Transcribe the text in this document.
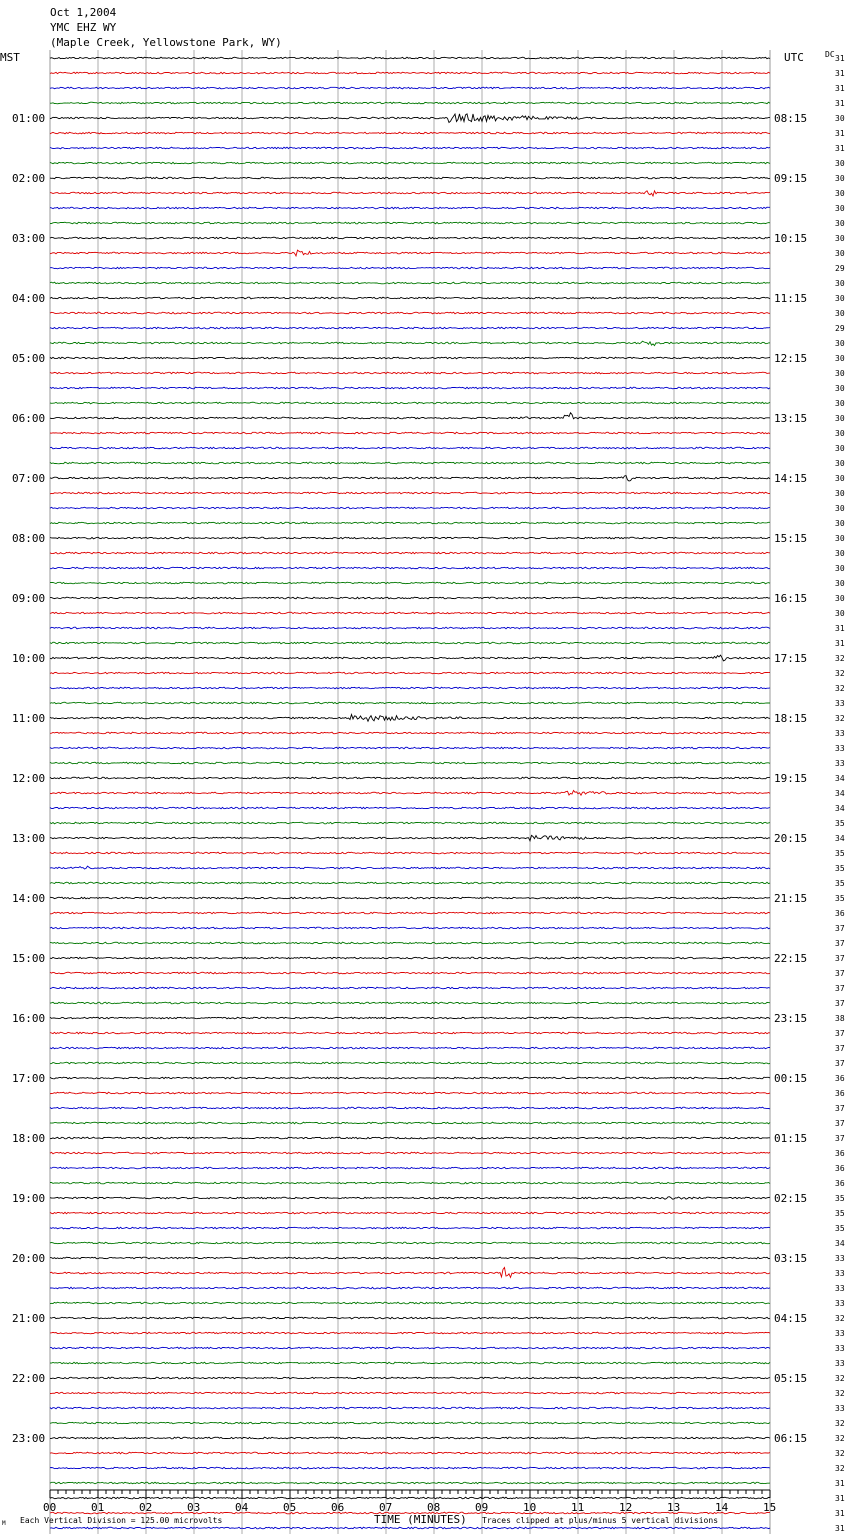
Oct 1,2004
YMC EHZ WY
(Maple Creek, Yellowstone Park, WY)
MST	UTC	DC
01:00
02:00
03:00
04:00
05:00
06:00
07:00
08:00
09:00
10:00
11:00
12:00
13:00
14:00
15:00
16:00
17:00
18:00
19:00
20:00
21:00
22:00
23:00
08:15
09:15
10:15
11:15
12:15
13:15
14:15
15:15
16:15
17:15
18:15
19:15
20:15
21:15
22:15
23:15
00:15
01:15
02:15
03:15
04:15
05:15
06:15
31
31
31
31
30
31
31
30
30
30
30
30
30
30
29
30
30
30
29
30
30
30
30
30
30
30
30
30
30
30
30
30
30
30
30
30
30
30
31
31
32
32
32
33
32
33
33
33
34
34
34
35
34
35
35
35
35
36
37
37
37
37
37
37
38
37
37
37
36
36
37
37
37
36
36
36
35
35
35
34
33
33
33
33
32
33
33
33
32
32
33
32
32
32
32
31
31
31
31
00	01	02	03	04	05	06	07	08	09	10	11	12	13	14	15
TIME (MINUTES)
Each Vertical Division = 125.00 microvolts	Traces clipped at plus/minus 5 vertical divisions
M
